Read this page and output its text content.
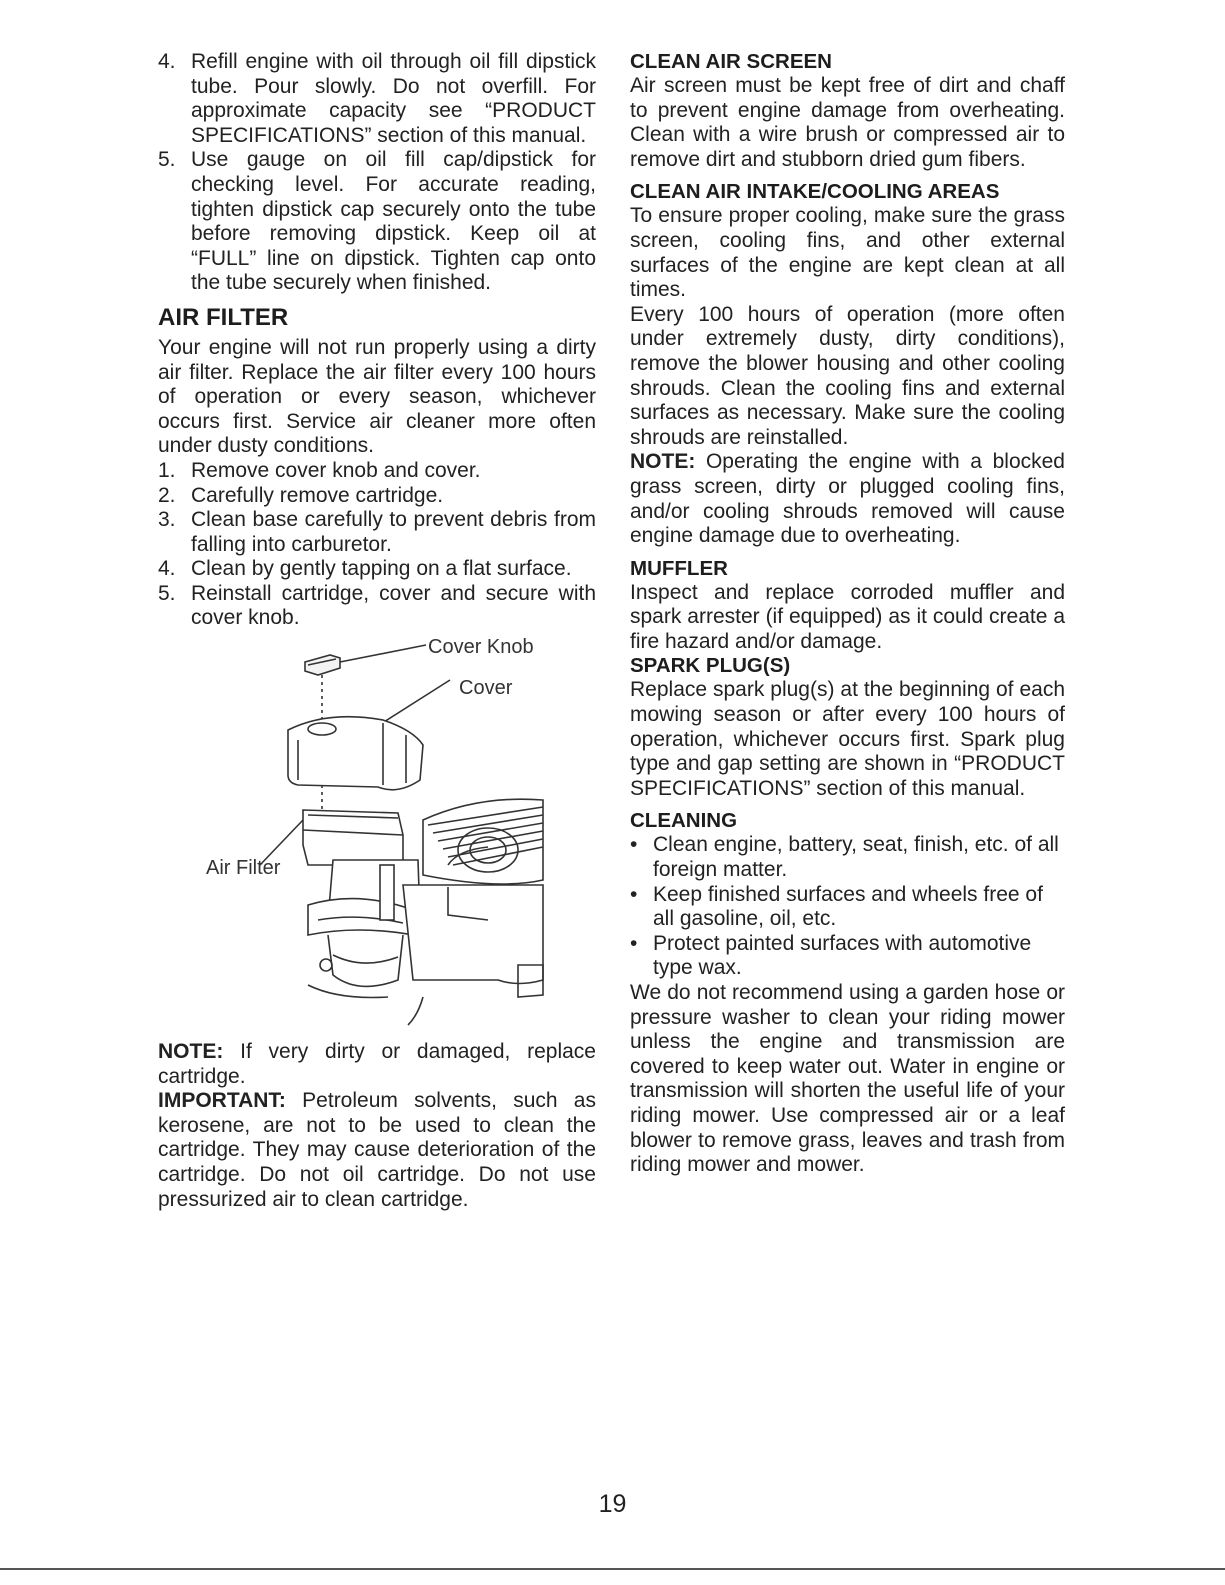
4. Refill engine with oil through oil fill dipstick tube. Pour slowly. Do not overfill. For approximate capacity see “PRODUCT SPECIFICATIONS” section of this manual.
5. Use gauge on oil fill cap/dipstick for checking level. For accurate reading, tighten dipstick cap securely onto the tube before removing dipstick. Keep oil at “FULL” line on dipstick. Tighten cap onto the tube securely when finished.
AIR FILTER

Your engine will not run properly using a dirty air filter. Replace the air filter every 100 hours of operation or every season, whichever occurs first. Service air cleaner more often under dusty conditions.

1. Remove cover knob and cover.
2. Carefully remove cartridge.
3. Clean base carefully to prevent debris from falling into carburetor.
4. Clean by gently tapping on a flat surface.
5. Reinstall cartridge, cover and secure with cover knob.
Cover Knob
Cover
Air Filter

NOTE: If very dirty or damaged, replace cartridge.

IMPORTANT: Petroleum solvents, such as kerosene, are not to be used to clean the cartridge. They may cause deterioration of the cartridge. Do not oil cartridge. Do not use pressurized air to clean cartridge.

CLEAN AIR SCREEN

Air screen must be kept free of dirt and chaff to prevent engine damage from overheating. Clean with a wire brush or compressed air to remove dirt and stubborn dried gum fibers.

CLEAN AIR INTAKE/COOLING AREAS

To ensure proper cooling, make sure the grass screen, cooling fins, and other external surfaces of the engine are kept clean at all times.

Every 100 hours of operation (more often under extremely dusty, dirty conditions), remove the blower housing and other cooling shrouds. Clean the cooling fins and external surfaces as necessary. Make sure the cooling shrouds are reinstalled.

NOTE: Operating the engine with a blocked grass screen, dirty or plugged cooling fins, and/or cooling shrouds removed will cause engine damage due to overheating.

MUFFLER

Inspect and replace corroded muffler and spark arrester (if equipped) as it could create a fire hazard and/or damage.

SPARK PLUG(S)

Replace spark plug(s) at the beginning of each mowing season or after every 100 hours of operation, whichever occurs first. Spark plug type and gap setting are shown in “PRODUCT SPECIFICATIONS” section of this manual.

CLEANING
• Clean engine, battery, seat, finish, etc. of all foreign matter.
• Keep finished surfaces and wheels free of all gasoline, oil, etc.
• Protect painted surfaces with automotive type wax.

We do not recommend using a garden hose or pressure washer to clean your riding mower unless the engine and transmission are covered to keep water out. Water in engine or transmission will shorten the useful life of your riding mower. Use compressed air or a leaf blower to remove grass, leaves and trash from riding mower and mower.

19
